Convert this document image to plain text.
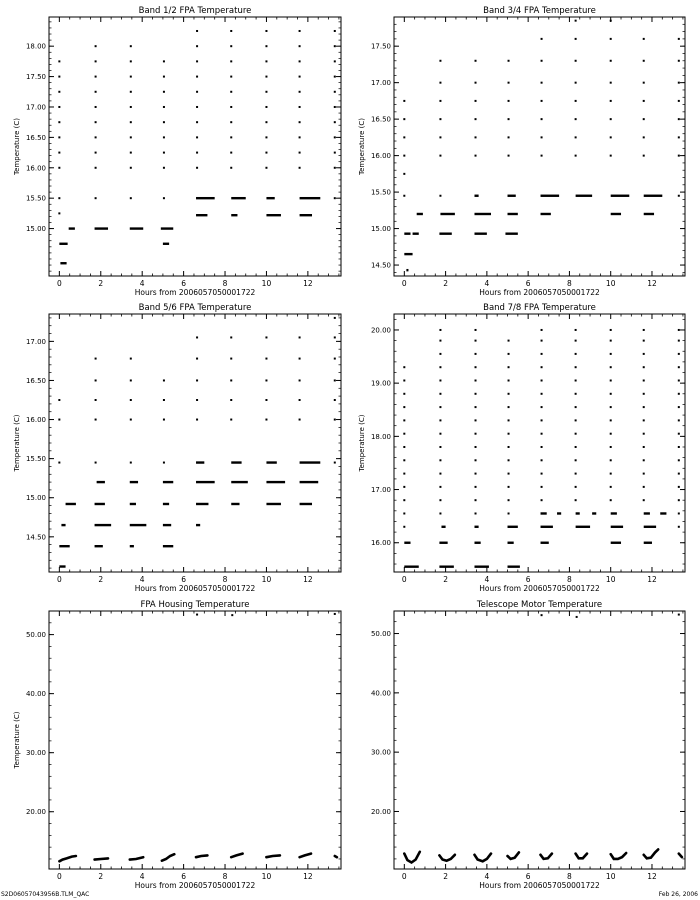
Band 1/2 FPA Temperature
0	2	4	6	8	10	12
15.00
15.50
16.00
16.50
17.00
17.50
18.00
Hours from 2006057050001722
Temperature (C)
Band 3/4 FPA Temperature
0	2	4	6	8	10	12
14.50
15.00
15.50
16.00
16.50
17.00
17.50
Hours from 2006057050001722
Temperature (C)
Band 5/6 FPA Temperature
0	2	4	6	8	10	12
14.50
15.00
15.50
16.00
16.50
17.00
Hours from 2006057050001722
Temperature (C)
Band 7/8 FPA Temperature
0	2	4	6	8	10	12
16.00
17.00
18.00
19.00
20.00
Hours from 2006057050001722
Temperature (C)
FPA Housing Temperature
0	2	4	6	8	10	12
20.00
30.00
40.00
50.00
Hours from 2006057050001722
Temperature (C)
Telescope Motor Temperature
0	2	4	6	8	10	12
20.00
30.00
40.00
50.00
Hours from 2006057050001722
S2D06057043956B.TLM_QAC	Feb 26, 2006
